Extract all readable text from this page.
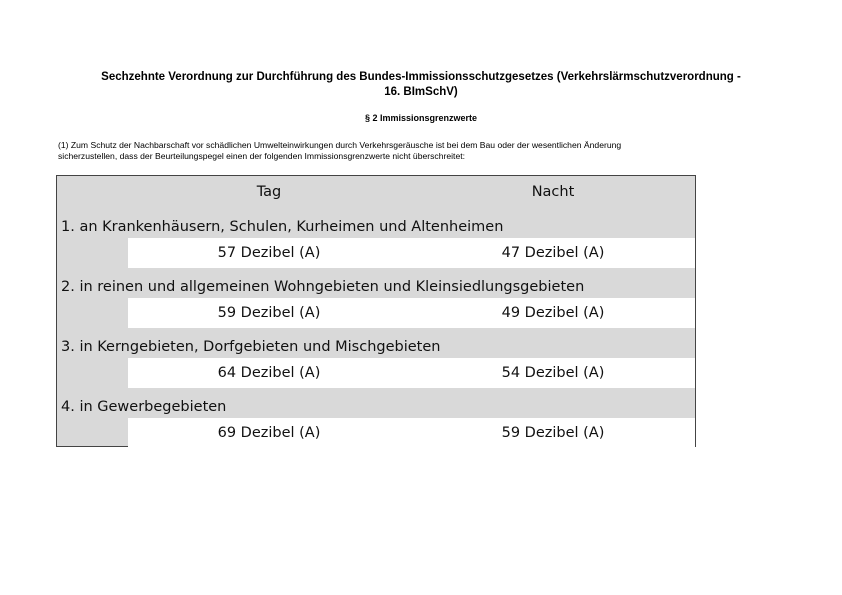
Sechzehnte Verordnung zur Durchführung des Bundes-Immissionsschutzgesetzes (Verkehrslärmschutzverordnung -
16. BImSchV)
§ 2 Immissionsgrenzwerte
(1) Zum Schutz der Nachbarschaft vor schädlichen Umwelteinwirkungen durch Verkehrsgeräusche ist bei dem Bau oder der wesentlichen Änderung
sicherzustellen, dass der Beurteilungspegel einen der folgenden Immissionsgrenzwerte nicht überschreitet:
Tag	Nacht
1. an Krankenhäusern, Schulen, Kurheimen und Altenheimen
57 Dezibel (A)	47 Dezibel (A)
2. in reinen und allgemeinen Wohngebieten und Kleinsiedlungsgebieten
59 Dezibel (A)	49 Dezibel (A)
3. in Kerngebieten, Dorfgebieten und Mischgebieten
64 Dezibel (A)	54 Dezibel (A)
4. in Gewerbegebieten
69 Dezibel (A)	59 Dezibel (A)
